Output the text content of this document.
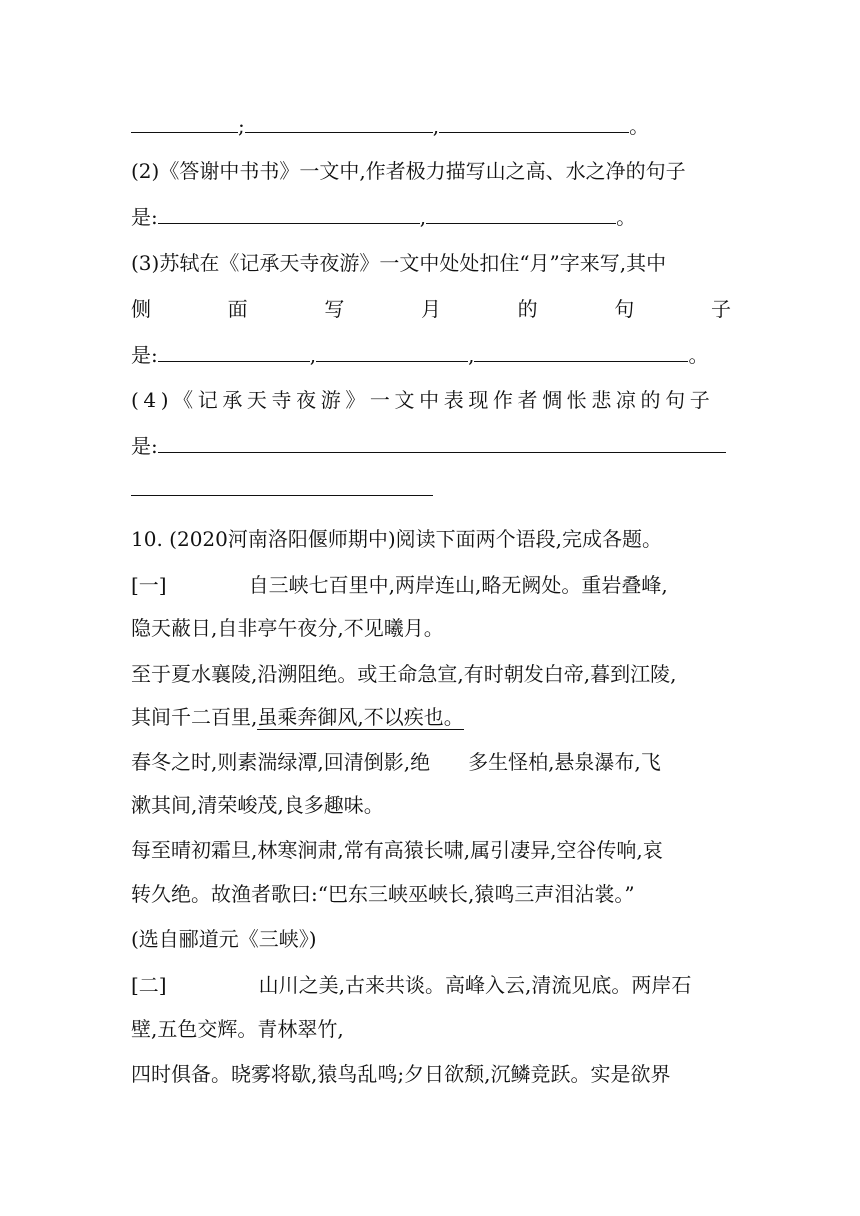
;	,	。
(2)《答谢中书书》一文中,作者极力描写山之高、水之净的句子
是:	,	。
(3)苏轼在《记承天寺夜游》一文中处处扣住“月”字来写,其中
侧	面	写	月	的	句	子
是:	,	,	。
(4)《记承天寺夜游》一文中表现作者惆怅悲凉的句子
是:
10. (2020河南洛阳偃师期中)阅读下面两个语段,完成各题。
[一]	自三峡七百里中,两岸连山,略无阙处。重岩叠峰,
隐天蔽日,自非亭午夜分,不见曦月。
至于夏水襄陵,沿溯阻绝。或王命急宣,有时朝发白帝,暮到江陵,
其间千二百里,虽乘奔御风,不以疾也。
春冬之时,则素湍绿潭,回清倒影,绝 多生怪柏,悬泉瀑布,飞
漱其间,清荣峻茂,良多趣味。
每至晴初霜旦,林寒涧肃,常有高猿长啸,属引凄异,空谷传响,哀
转久绝。故渔者歌曰:“巴东三峡巫峡长,猿鸣三声泪沾裳。”
(选自郦道元《三峡》)
[二]	山川之美,古来共谈。高峰入云,清流见底。两岸石
壁,五色交辉。青林翠竹,
四时俱备。晓雾将歇,猿鸟乱鸣;夕日欲颓,沉鳞竞跃。实是欲界
